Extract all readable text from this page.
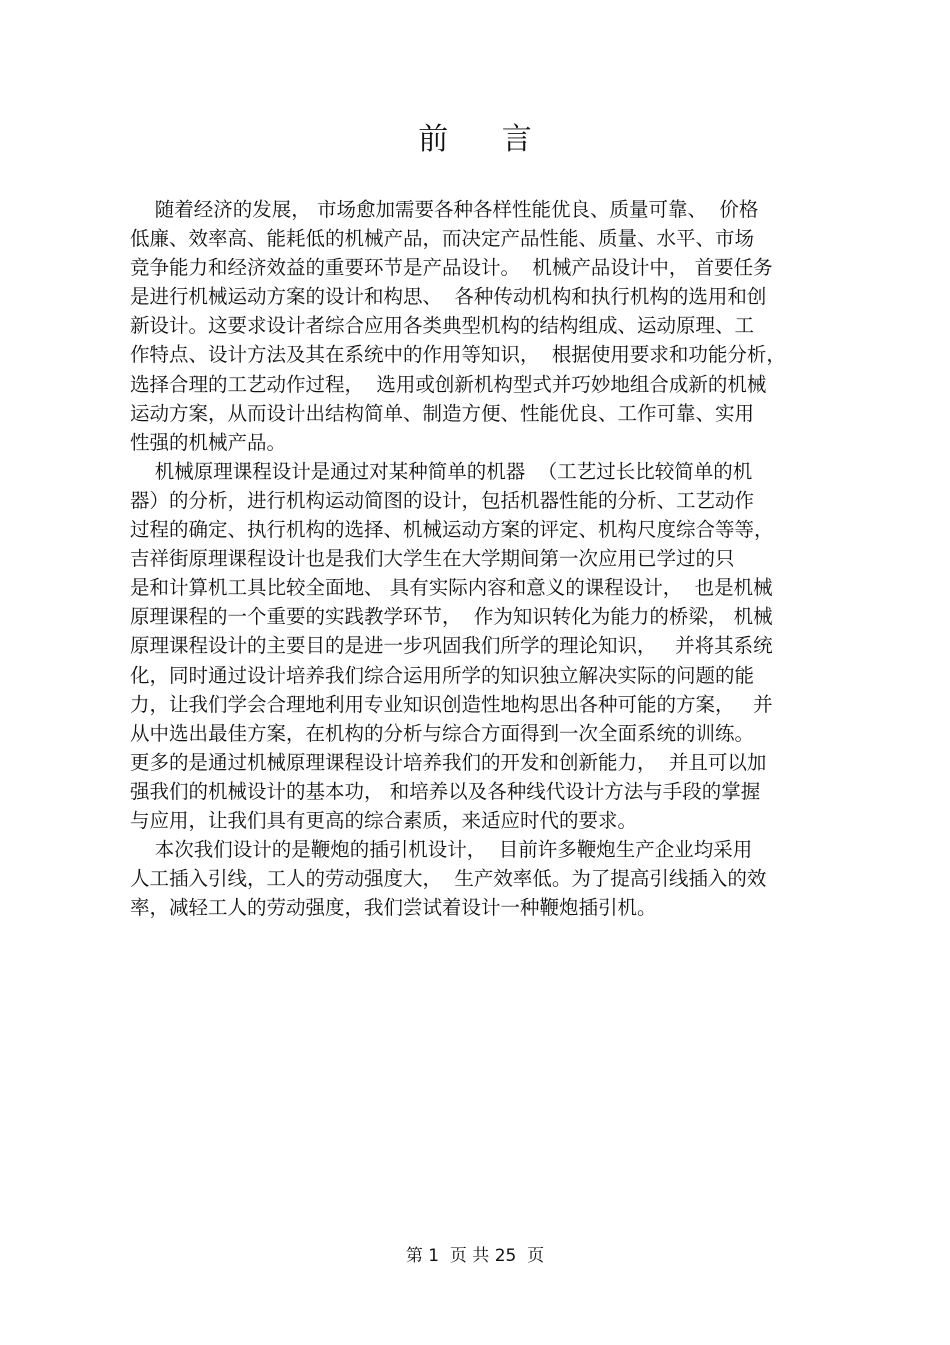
前 言
随着经济的发展， 市场愈加需要各种各样性能优良、质量可靠、  价格
低廉、效率高、能耗低的机械产品，而决定产品性能、质量、水平、市场
竞争能力和经济效益的重要环节是产品设计。  机械产品设计中， 首要任务
是进行机械运动方案的设计和构思、  各种传动机构和执行机构的选用和创
新设计。这要求设计者综合应用各类典型机构的结构组成、运动原理、工
作特点、设计方法及其在系统中的作用等知识，  根据使用要求和功能分析，
选择合理的工艺动作过程，  选用或创新机构型式并巧妙地组合成新的机械
运动方案，从而设计出结构简单、制造方便、性能优良、工作可靠、实用
性强的机械产品。
机械原理课程设计是通过对某种简单的机器  （工艺过长比较简单的机
器）的分析，进行机构运动简图的设计，包括机器性能的分析、工艺动作
过程的确定、执行机构的选择、机械运动方案的评定、机构尺度综合等等，
吉祥街原理课程设计也是我们大学生在大学期间第一次应用已学过的只
是和计算机工具比较全面地、 具有实际内容和意义的课程设计，  也是机械
原理课程的一个重要的实践教学环节，  作为知识转化为能力的桥梁， 机械
原理课程设计的主要目的是进一步巩固我们所学的理论知识，   并将其系统
化，同时通过设计培养我们综合运用所学的知识独立解决实际的问题的能
力，让我们学会合理地利用专业知识创造性地构思出各种可能的方案，   并
从中选出最佳方案，在机构的分析与综合方面得到一次全面系统的训练。
更多的是通过机械原理课程设计培养我们的开发和创新能力，  并且可以加
强我们的机械设计的基本功， 和培养以及各种线代设计方法与手段的掌握
与应用，让我们具有更高的综合素质，来适应时代的要求。
本次我们设计的是鞭炮的插引机设计，  目前许多鞭炮生产企业均采用
人工插入引线，工人的劳动强度大，  生产效率低。为了提高引线插入的效
率，减轻工人的劳动强度，我们尝试着设计一种鞭炮插引机。
第 1  页 共 25  页
